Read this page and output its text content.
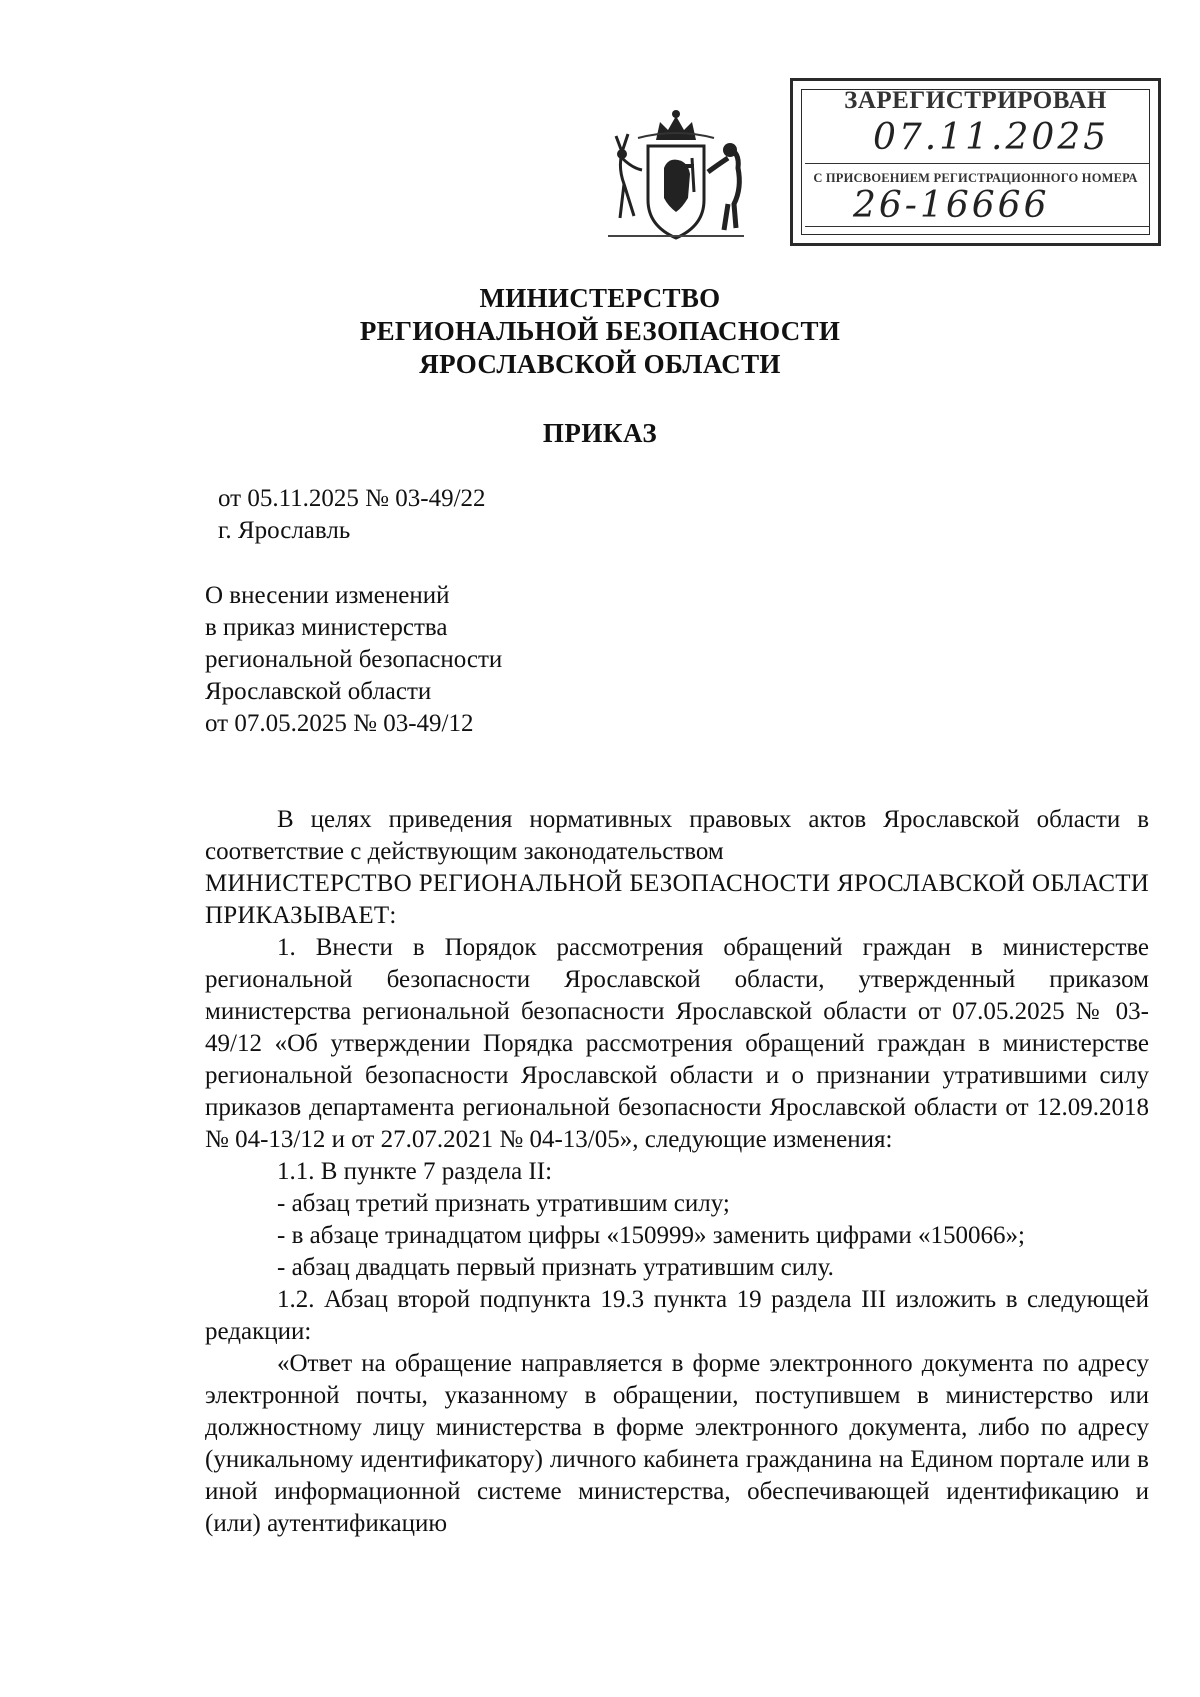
ЗАРЕГИСТРИРОВАН
07.11.2025
С ПРИСВОЕНИЕМ РЕГИСТРАЦИОННОГО НОМЕРА
26-16666
МИНИСТЕРСТВО
РЕГИОНАЛЬНОЙ БЕЗОПАСНОСТИ
ЯРОСЛАВСКОЙ ОБЛАСТИ
ПРИКАЗ
от 05.11.2025 № 03-49/22
г. Ярославль
О внесении изменений
в приказ министерства
региональной безопасности
Ярославской области
от 07.05.2025 № 03-49/12

В целях приведения нормативных правовых актов Ярославской области в соответствие с действующим законодательством

МИНИСТЕРСТВО РЕГИОНАЛЬНОЙ БЕЗОПАСНОСТИ ЯРОСЛАВСКОЙ ОБЛАСТИ ПРИКАЗЫВАЕТ:

1. Внести в Порядок рассмотрения обращений граждан в министерстве региональной безопасности Ярославской области, утвержденный приказом министерства региональной безопасности Ярославской области от 07.05.2025 № 03-49/12 «Об утверждении Порядка рассмотрения обращений граждан в министерстве региональной безопасности Ярославской области и о признании утратившими силу приказов департамента региональной безопасности Ярославской области от 12.09.2018 № 04-13/12 и от 27.07.2021 № 04-13/05», следующие изменения:

1.1. В пункте 7 раздела II:

- абзац третий признать утратившим силу;

- в абзаце тринадцатом цифры «150999» заменить цифрами «150066»;

- абзац двадцать первый признать утратившим силу.

1.2. Абзац второй подпункта 19.3 пункта 19 раздела III изложить в следующей редакции:

«Ответ на обращение направляется в форме электронного документа по адресу электронной почты, указанному в обращении, поступившем в министерство или должностному лицу министерства в форме электронного документа, либо по адресу (уникальному идентификатору) личного кабинета гражданина на Едином портале или в иной информационной системе министерства, обеспечивающей идентификацию и (или) аутентификацию
